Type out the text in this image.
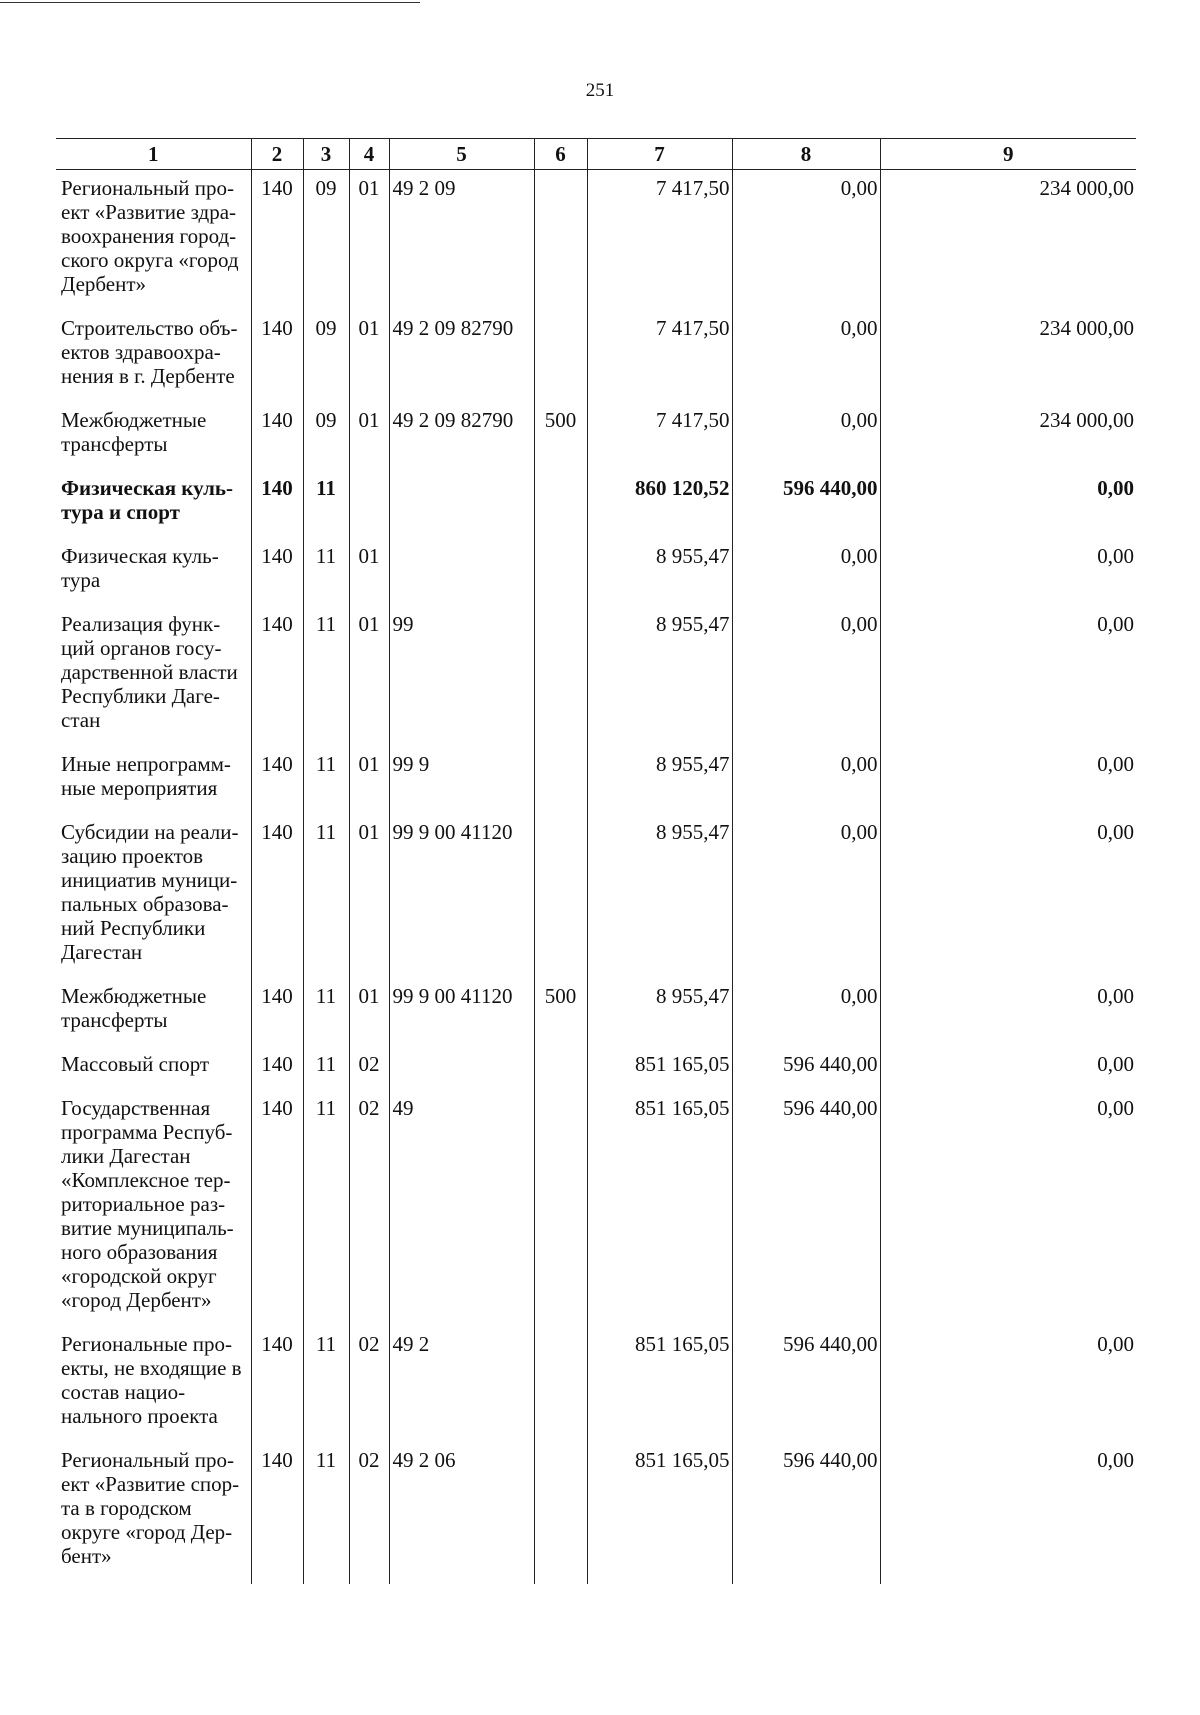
251
1	2	3	4	5	6	7	8	9
Региональный про-ект «Развитие здра-воохранения город-ского округа «город Дербент»	140	09	01	49 2 09		7 417,50	0,00	234 000,00
Строительство объ-ектов здравоохра-нения в г. Дербенте	140	09	01	49 2 09 82790		7 417,50	0,00	234 000,00
Межбюджетные трансферты	140	09	01	49 2 09 82790	500	7 417,50	0,00	234 000,00
Физическая куль-тура и спорт	140	11				860 120,52	596 440,00	0,00
Физическая куль-тура	140	11	01			8 955,47	0,00	0,00
Реализация функ-ций органов госу-дарственной власти Республики Даге-стан	140	11	01	99		8 955,47	0,00	0,00
Иные непрограмм-ные мероприятия	140	11	01	99 9		8 955,47	0,00	0,00
Субсидии на реали-зацию проектов инициатив муници-пальных образова-ний Республики Дагестан	140	11	01	99 9 00 41120		8 955,47	0,00	0,00
Межбюджетные трансферты	140	11	01	99 9 00 41120	500	8 955,47	0,00	0,00
Массовый спорт	140	11	02			851 165,05	596 440,00	0,00
Государственная программа Респуб-лики Дагестан «Комплексное тер-риториальное раз-витие муниципаль-ного образования «городской округ «город Дербент»	140	11	02	49		851 165,05	596 440,00	0,00
Региональные про-екты, не входящие в состав нацио-нального проекта	140	11	02	49 2		851 165,05	596 440,00	0,00
Региональный про-ект «Развитие спор-та в городском округе «город Дер-бент»	140	11	02	49 2 06		851 165,05	596 440,00	0,00
